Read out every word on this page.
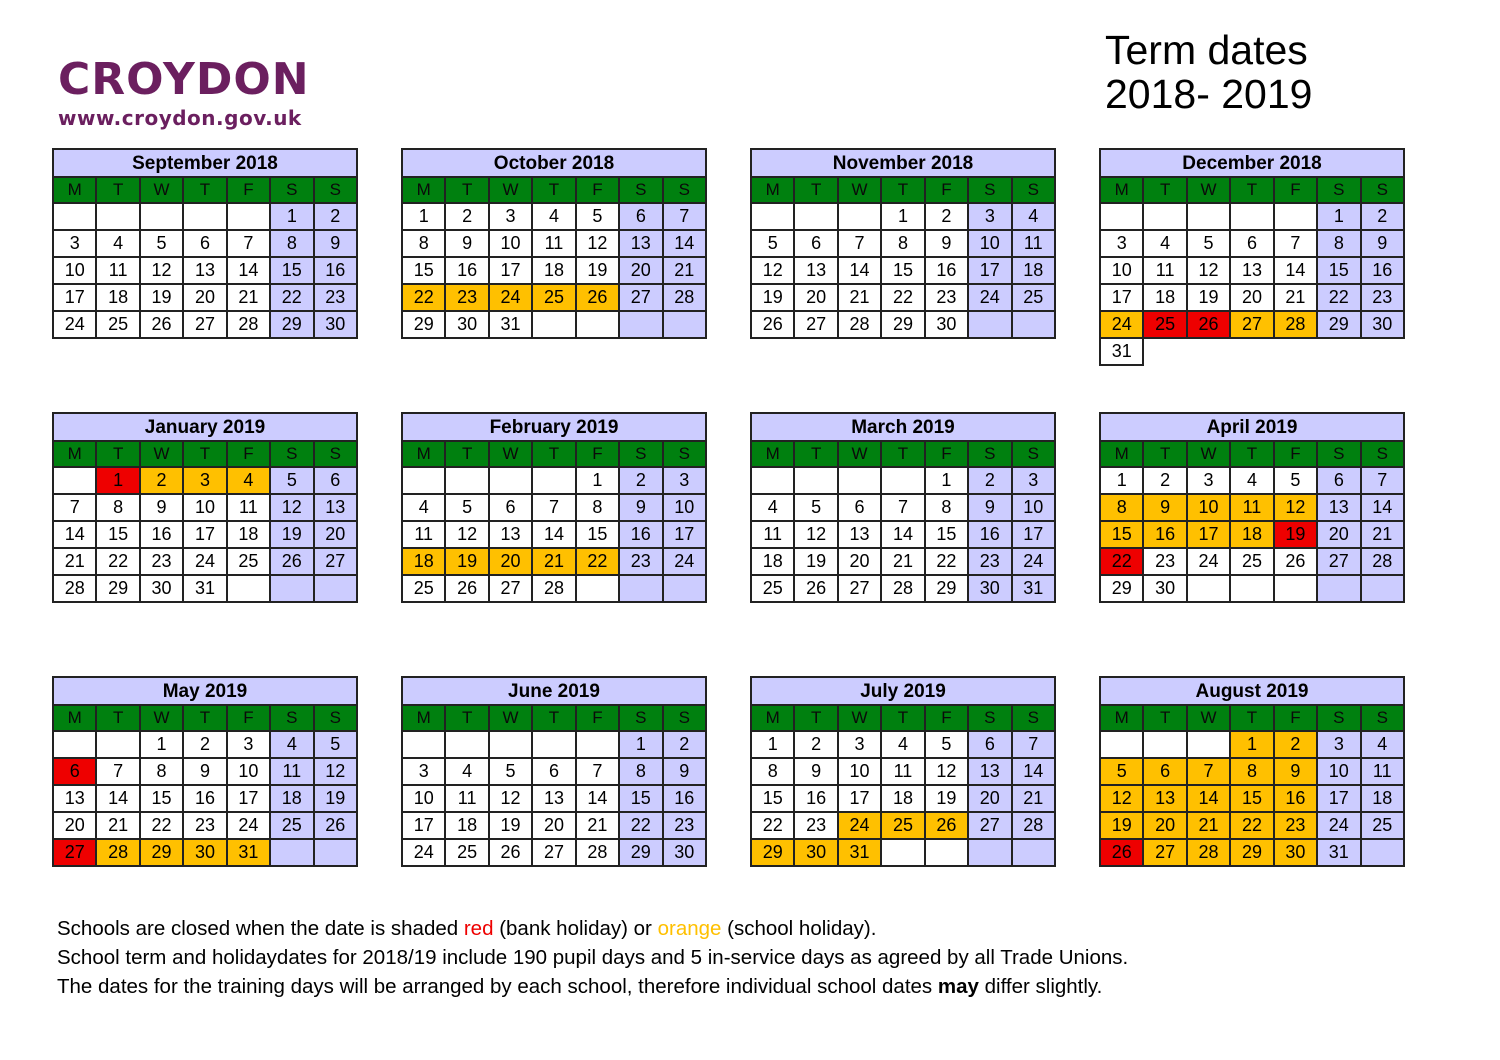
CROYDON
www.croydon.gov.uk
Term dates
2018- 2019
September 2018						
M	T	W	T	F	S	S
					1	2
3	4	5	6	7	8	9
10	11	12	13	14	15	16
17	18	19	20	21	22	23
24	25	26	27	28	29	30
October 2018						
M	T	W	T	F	S	S
1	2	3	4	5	6	7
8	9	10	11	12	13	14
15	16	17	18	19	20	21
22	23	24	25	26	27	28
29	30	31				
November 2018						
M	T	W	T	F	S	S
			1	2	3	4
5	6	7	8	9	10	11
12	13	14	15	16	17	18
19	20	21	22	23	24	25
26	27	28	29	30		
December 2018						
M	T	W	T	F	S	S
					1	2
3	4	5	6	7	8	9
10	11	12	13	14	15	16
17	18	19	20	21	22	23
24	25	26	27	28	29	30
31						
January 2019						
M	T	W	T	F	S	S
	1	2	3	4	5	6
7	8	9	10	11	12	13
14	15	16	17	18	19	20
21	22	23	24	25	26	27
28	29	30	31			
February 2019						
M	T	W	T	F	S	S
				1	2	3
4	5	6	7	8	9	10
11	12	13	14	15	16	17
18	19	20	21	22	23	24
25	26	27	28			
March 2019						
M	T	W	T	F	S	S
				1	2	3
4	5	6	7	8	9	10
11	12	13	14	15	16	17
18	19	20	21	22	23	24
25	26	27	28	29	30	31
April 2019						
M	T	W	T	F	S	S
1	2	3	4	5	6	7
8	9	10	11	12	13	14
15	16	17	18	19	20	21
22	23	24	25	26	27	28
29	30					
May 2019						
M	T	W	T	F	S	S
		1	2	3	4	5
6	7	8	9	10	11	12
13	14	15	16	17	18	19
20	21	22	23	24	25	26
27	28	29	30	31		
June 2019						
M	T	W	T	F	S	S
					1	2
3	4	5	6	7	8	9
10	11	12	13	14	15	16
17	18	19	20	21	22	23
24	25	26	27	28	29	30
July 2019						
M	T	W	T	F	S	S
1	2	3	4	5	6	7
8	9	10	11	12	13	14
15	16	17	18	19	20	21
22	23	24	25	26	27	28
29	30	31				
August 2019						
M	T	W	T	F	S	S
			1	2	3	4
5	6	7	8	9	10	11
12	13	14	15	16	17	18
19	20	21	22	23	24	25
26	27	28	29	30	31	
Schools are closed when the date is shaded red (bank holiday) or orange (school holiday).
School term and holidaydates for 2018/19 include 190 pupil days and 5 in-service days as agreed by all Trade Unions.
The dates for the training days will be arranged by each school, therefore individual school dates may differ slightly.
